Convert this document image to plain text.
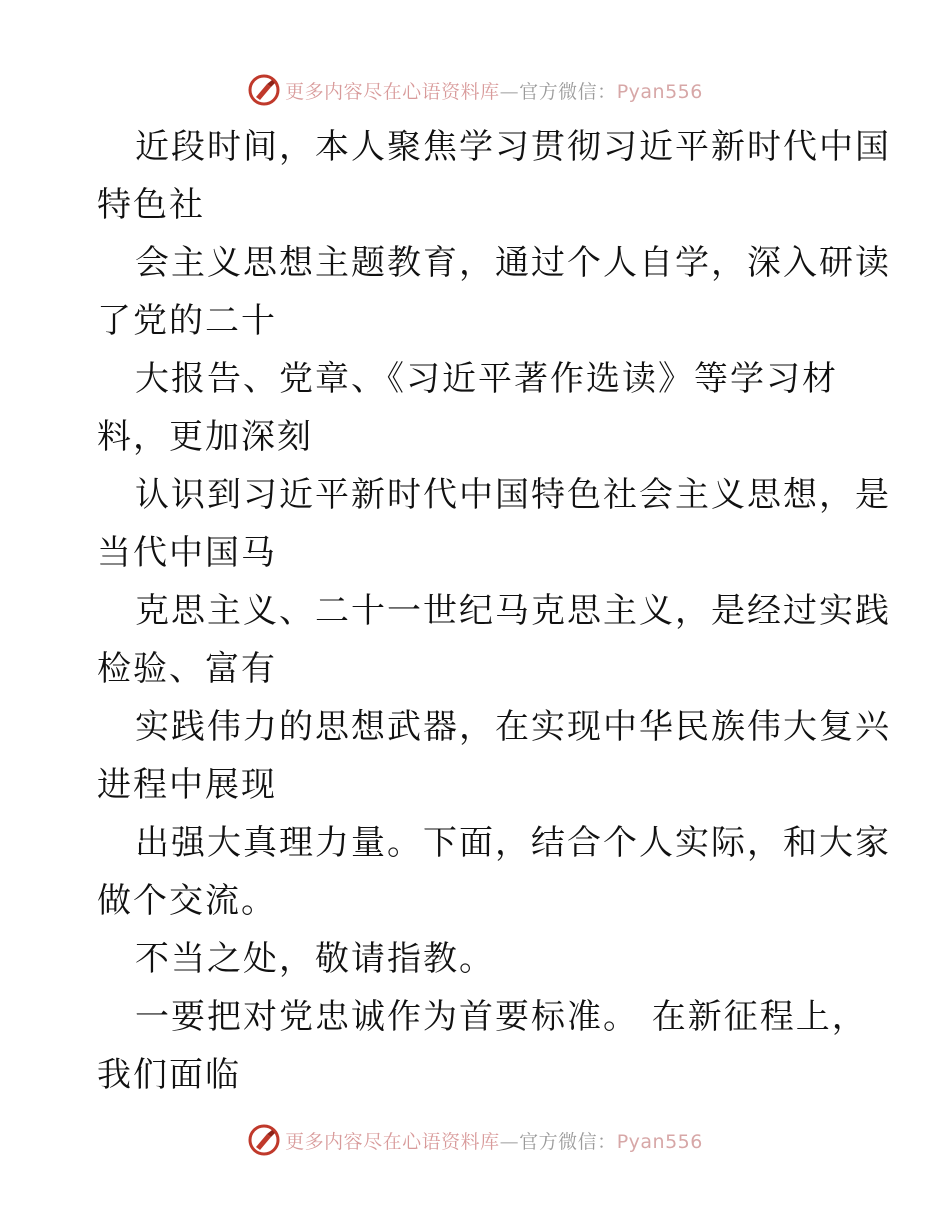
更多内容尽在心语资料库—官方微信：Pyan556
近段时间，本人聚焦学习贯彻习近平新时代中国
特色社
会主义思想主题教育，通过个人自学，深入研读
了党的二十
大报告、党章、《习近平著作选读》等学习材
料，更加深刻
认识到习近平新时代中国特色社会主义思想，是
当代中国马
克思主义、二十一世纪马克思主义，是经过实践
检验、富有
实践伟力的思想武器，在实现中华民族伟大复兴
进程中展现
出强大真理力量。下面，结合个人实际，和大家
做个交流。
不当之处，敬请指教。
一要把对党忠诚作为首要标准。 在新征程上，
我们面临
更多内容尽在心语资料库—官方微信：Pyan556
